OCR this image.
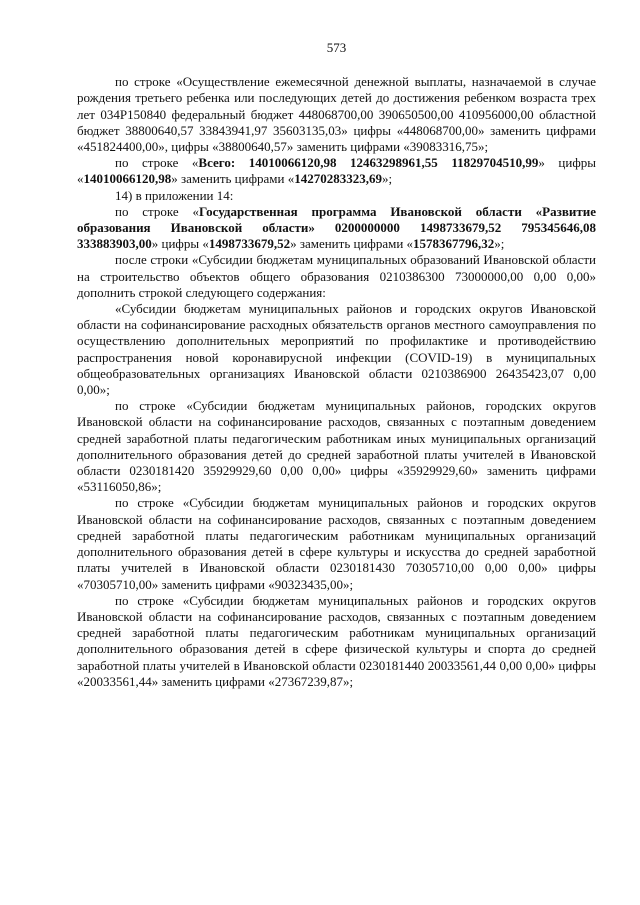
573

по строке «Осуществление ежемесячной денежной выплаты, назначаемой в случае рождения третьего ребенка или последующих детей до достижения ребенком возраста трех лет 034P150840 федеральный бюджет 448068700,00 390650500,00 410956000,00 областной бюджет 38800640,57 33843941,97 35603135,03» цифры «448068700,00» заменить цифрами «451824400,00», цифры «38800640,57» заменить цифрами «39083316,75»;

по строке «Всего: 14010066120,98 12463298961,55 11829704510,99» цифры «14010066120,98» заменить цифрами «14270283323,69»;

14) в приложении 14:

по строке «Государственная программа Ивановской области «Развитие образования Ивановской области» 0200000000 1498733679,52 795345646,08 333883903,00» цифры «1498733679,52» заменить цифрами «1578367796,32»;

после строки «Субсидии бюджетам муниципальных образований Ивановской области на строительство объектов общего образования 0210386300 73000000,00 0,00 0,00» дополнить строкой следующего содержания:

«Субсидии бюджетам муниципальных районов и городских округов Ивановской области на софинансирование расходных обязательств органов местного самоуправления по осуществлению дополнительных мероприятий по профилактике и противодействию распространения новой коронавирусной инфекции (COVID-19) в муниципальных общеобразовательных организациях Ивановской области 0210386900 26435423,07 0,00 0,00»;

по строке «Субсидии бюджетам муниципальных районов, городских округов Ивановской области на софинансирование расходов, связанных с поэтапным доведением средней заработной платы педагогическим работникам иных муниципальных организаций дополнительного образования детей до средней заработной платы учителей в Ивановской области 0230181420 35929929,60 0,00 0,00» цифры «35929929,60» заменить цифрами «53116050,86»;

по строке «Субсидии бюджетам муниципальных районов и городских округов Ивановской области на софинансирование расходов, связанных с поэтапным доведением средней заработной платы педагогическим работникам муниципальных организаций дополнительного образования детей в сфере культуры и искусства до средней заработной платы учителей в Ивановской области 0230181430 70305710,00 0,00 0,00» цифры «70305710,00» заменить цифрами «90323435,00»;

по строке «Субсидии бюджетам муниципальных районов и городских округов Ивановской области на софинансирование расходов, связанных с поэтапным доведением средней заработной платы педагогическим работникам муниципальных организаций дополнительного образования детей в сфере физической культуры и спорта до средней заработной платы учителей в Ивановской области 0230181440 20033561,44 0,00 0,00» цифры «20033561,44» заменить цифрами «27367239,87»;
